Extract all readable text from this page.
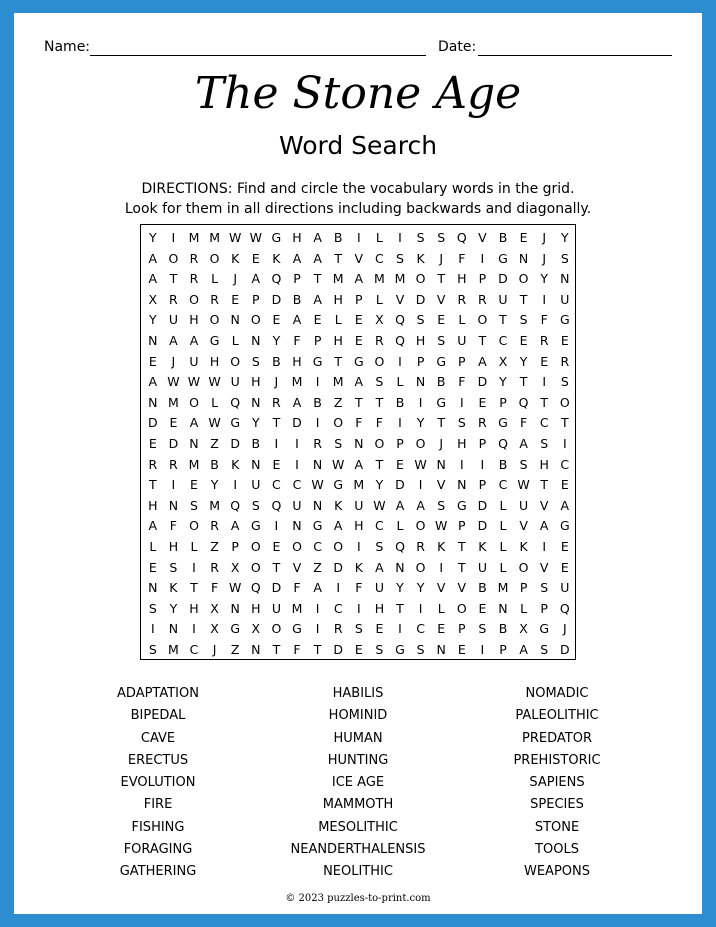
Name:	Date:
The Stone Age
Word Search
DIRECTIONS: Find and circle the vocabulary words in the grid.
Look for them in all directions including backwards and diagonally.
Y	I	M M W W G H A B	I	L	I	S	S Q V B E	J	Y
A O R O K	E	K A A T	V C S	K	J	F	I	G N	J	S
A T R	L	J	A Q P	T M A M M O T H P D O Y N
X R O R E	P D B A H P	L	V D V R R U T	I	U
Y U H O N O E A E	L	E X Q S	E	L O T	S	F G
N A A G L N Y	F	P H E R Q H S U T C E R E
E	J	U H O S B H G T G O	I	P G P	A X	Y	E R
A W W W U H	J	M	I	M A S	L N B	F D Y	T	I	S
N M O L Q N R A B Z	T	T B	I	G	I	E	P Q T O
D E A W G Y	T D	I	O F	F	I	Y	T	S R G F	C T
E D N Z D B	I	I	R S N O P O	J	H P Q A S	I
R R M B K N E	I	N W A T	E W N	I	I	B S H C
T	I	E	Y	I	U C C W G M Y D	I	V N P C W T	E
H N S M Q S Q U N K U W A A S G D L	U V A
A	F O R A G	I	N G A H C	L O W P D L	V A G
L H L	Z	P O E O C O	I	S Q R K	T	K	L	K	I	E
E	S	I	R X O T	V Z D K A N O	I	T U	L O V E
N K	T	F W Q D F	A	I	F U Y	Y	V V B M P	S U
S	Y H X N H U M	I	C	I	H T	I	L O E N L	P Q
I	N	I	X G X O G	I	R S	E	I	C E	P	S B X G	J
S M C	J	Z N T	F	T D E	S G S N E	I	P	A S D
ADAPTATION
BIPEDAL
CAVE
ERECTUS
EVOLUTION
FIRE
FISHING
FORAGING
GATHERING
HABILIS
HOMINID
HUMAN
HUNTING
ICE AGE
MAMMOTH
MESOLITHIC
NEANDERTHALENSIS
NEOLITHIC
NOMADIC
PALEOLITHIC
PREDATOR
PREHISTORIC
SAPIENS
SPECIES
STONE
TOOLS
WEAPONS
© 2023 puzzles-to-print.com
